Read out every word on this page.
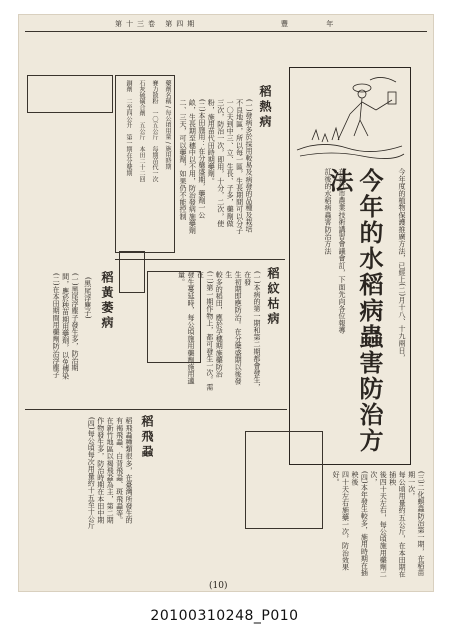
豐 年
第十三卷 第四期
今年的水稻病蟲害防治方法	今年度的植物保護推廣方法，已經上(二)月十八、十九兩日，
在新竹市農業技術講習會議會訂，下面先向各位報導
訂後的水稻病蟲害防治方法
稻熱病
(一)發病多於採用較易及病發的品種及栽培
不良地區，所以每一區，生長期間可以分子
一〇天到中三、立、生長、子多，藥劑做
三次，防治一次，即用，十分，二次，使
粉，施用苗代田時期藥劑。
(二)本田施用：在分蘖盛期，藥劑一公
畝，生長期至穗中以不用，防治發病施藥劑
二、三天，可以藥劑，如果仍不能控制
藥劑名稱 / 每公頃用量 / 施用時期
賽力散粉　一〇五公斤　每期苗代一次
石灰硫磺合劑　五公斤　本田二十二回
銅劑　二至四公升　第一期在分蘖期
稻紋枯病
(一)本病的第一期和第二期都會發生，在發
生初期即應防治。在分蘖盛期以後發生
較多的稻田，應於孕穗期施藥防治
(二)第一期作物上，都可發生一次。需在
發生蔓延時，每公頃施用藥劑施用適量。
稻黃萎病
(黑尾浮塵子)
(一)黑尾浮塵子發生多，防治期
間，應於秧苗期用藥劑，以免傳染
(二)在本田期間用藥劑防治浮塵子
稻飛蝨
稻飛蝨種類很多，在臺灣所發生的
有褐飛蝨、白背飛蝨、斑飛蝨等。
在新竹地區以褐飛蝨為主，第二期
作物發生多，防治時期在本田中期
(四)每公頃每次用量約十五至十公斤	(三)二化螟蟲防治第一期，在稻苗期一次，
每公頃用量約五公斤，在本田期在插秧
後四十天左右，每公頃施用藥劑二次，
(四)本年發生較多，施用時期在插秧後
四十天左右施藥一次，防治效果好。
(10)
20100310248_P010
